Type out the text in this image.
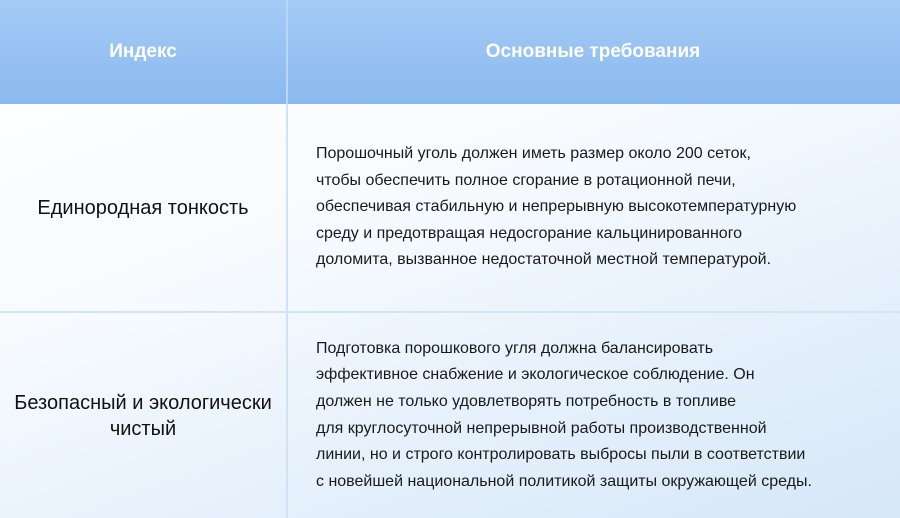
Индекс	Основные требования
Единородная тонкость
Порошочный уголь должен иметь размер около 200 сеток,
чтобы обеспечить полное сгорание в ротационной печи,
обеспечивая стабильную и непрерывную высокотемпературную
среду и предотвращая недосгорание кальцинированного
доломита, вызванное недостаточной местной температурой.
Безопасный и экологически чистый
Подготовка порошкового угля должна балансировать
эффективное снабжение и экологическое соблюдение. Он
должен не только удовлетворять потребность в топливе
для круглосуточной непрерывной работы производственной
линии, но и строго контролировать выбросы пыли в соответствии
с новейшей национальной политикой защиты окружающей среды.
